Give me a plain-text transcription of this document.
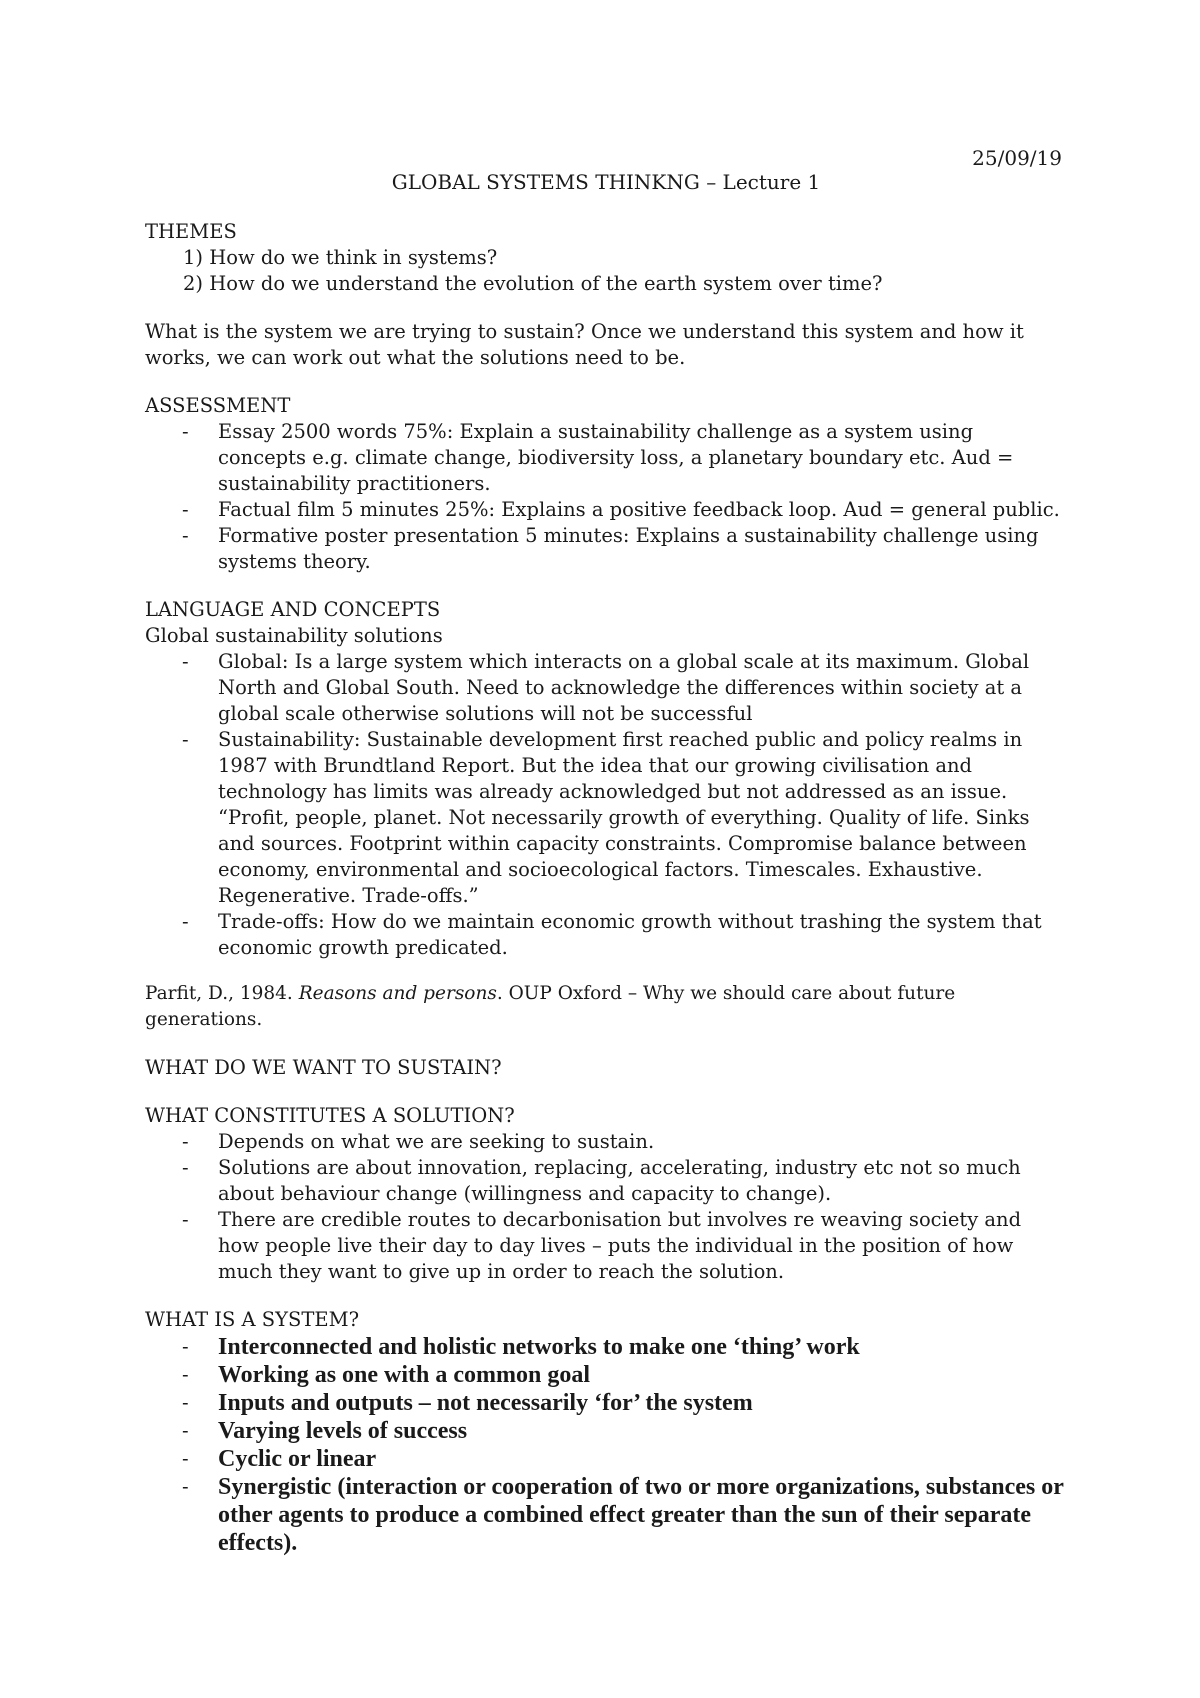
25/09/19
GLOBAL SYSTEMS THINKNG – Lecture 1

THEMES

1) How do we think in systems?
2) How do we understand the evolution of the earth system over time?

What is the system we are trying to sustain? Once we understand this system and how it works, we can work out what the solutions need to be.

ASSESSMENT

- Essay 2500 words 75%: Explain a sustainability challenge as a system using concepts e.g. climate change, biodiversity loss, a planetary boundary etc. Aud = sustainability practitioners.
- Factual film 5 minutes 25%: Explains a positive feedback loop. Aud = general public.
- Formative poster presentation 5 minutes: Explains a sustainability challenge using systems theory.

LANGUAGE AND CONCEPTS

Global sustainability solutions

- Global: Is a large system which interacts on a global scale at its maximum. Global North and Global South. Need to acknowledge the differences within society at a global scale otherwise solutions will not be successful
- Sustainability: Sustainable development first reached public and policy realms in 1987 with Brundtland Report. But the idea that our growing civilisation and technology has limits was already acknowledged but not addressed as an issue. “Profit, people, planet. Not necessarily growth of everything. Quality of life. Sinks and sources. Footprint within capacity constraints. Compromise balance between economy, environmental and socioecological factors. Timescales. Exhaustive. Regenerative. Trade-offs.”
- Trade-offs: How do we maintain economic growth without trashing the system that economic growth predicated.

Parfit, D., 1984. Reasons and persons. OUP Oxford – Why we should care about future generations.

WHAT DO WE WANT TO SUSTAIN?

WHAT CONSTITUTES A SOLUTION?

- Depends on what we are seeking to sustain.
- Solutions are about innovation, replacing, accelerating, industry etc not so much about behaviour change (willingness and capacity to change).
- There are credible routes to decarbonisation but involves re weaving society and how people live their day to day lives – puts the individual in the position of how much they want to give up in order to reach the solution.

WHAT IS A SYSTEM?

- Interconnected and holistic networks to make one ‘thing’ work
- Working as one with a common goal
- Inputs and outputs – not necessarily ‘for’ the system
- Varying levels of success
- Cyclic or linear
- Synergistic (interaction or cooperation of two or more organizations, substances or other agents to produce a combined effect greater than the sun of their separate effects).
